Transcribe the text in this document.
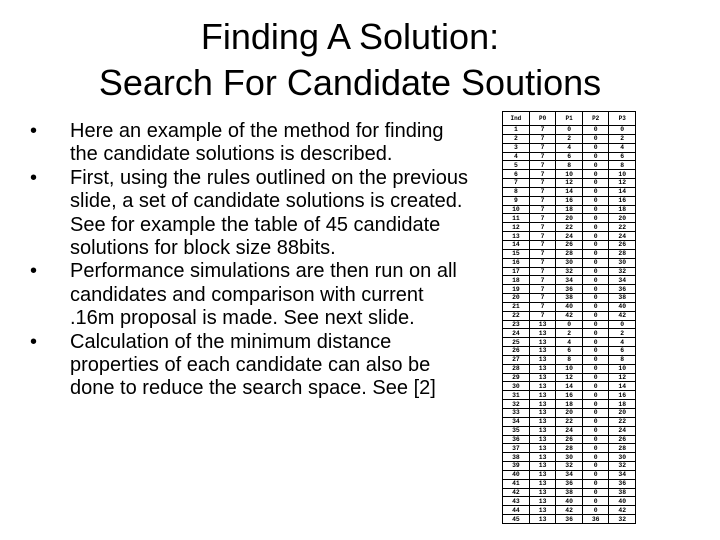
Finding A Solution:
Search For Candidate Soutions
•	Here an example of the method for finding the candidate solutions is described.
•	First, using the rules outlined on the previous slide, a set of candidate solutions is created. See for example the table of 45 candidate solutions for block size 88bits.
•	Performance simulations are then run on all candidates and comparison with current .16m proposal is made. See next slide.
•	Calculation of the minimum distance properties of each candidate can also be done to reduce the search space. See [2]
Ind	P0	P1	P2	P3
1	7	0	0	0
2	7	2	0	2
3	7	4	0	4
4	7	6	0	6
5	7	8	0	8
6	7	10	0	10
7	7	12	0	12
8	7	14	0	14
9	7	16	0	16
10	7	18	0	18
11	7	20	0	20
12	7	22	0	22
13	7	24	0	24
14	7	26	0	26
15	7	28	0	28
16	7	30	0	30
17	7	32	0	32
18	7	34	0	34
19	7	36	0	36
20	7	38	0	38
21	7	40	0	40
22	7	42	0	42
23	13	0	0	0
24	13	2	0	2
25	13	4	0	4
26	13	6	0	6
27	13	8	0	8
28	13	10	0	10
29	13	12	0	12
30	13	14	0	14
31	13	16	0	16
32	13	18	0	18
33	13	20	0	20
34	13	22	0	22
35	13	24	0	24
36	13	26	0	26
37	13	28	0	28
38	13	30	0	30
39	13	32	0	32
40	13	34	0	34
41	13	36	0	36
42	13	38	0	38
43	13	40	0	40
44	13	42	0	42
45	13	36	36	32
